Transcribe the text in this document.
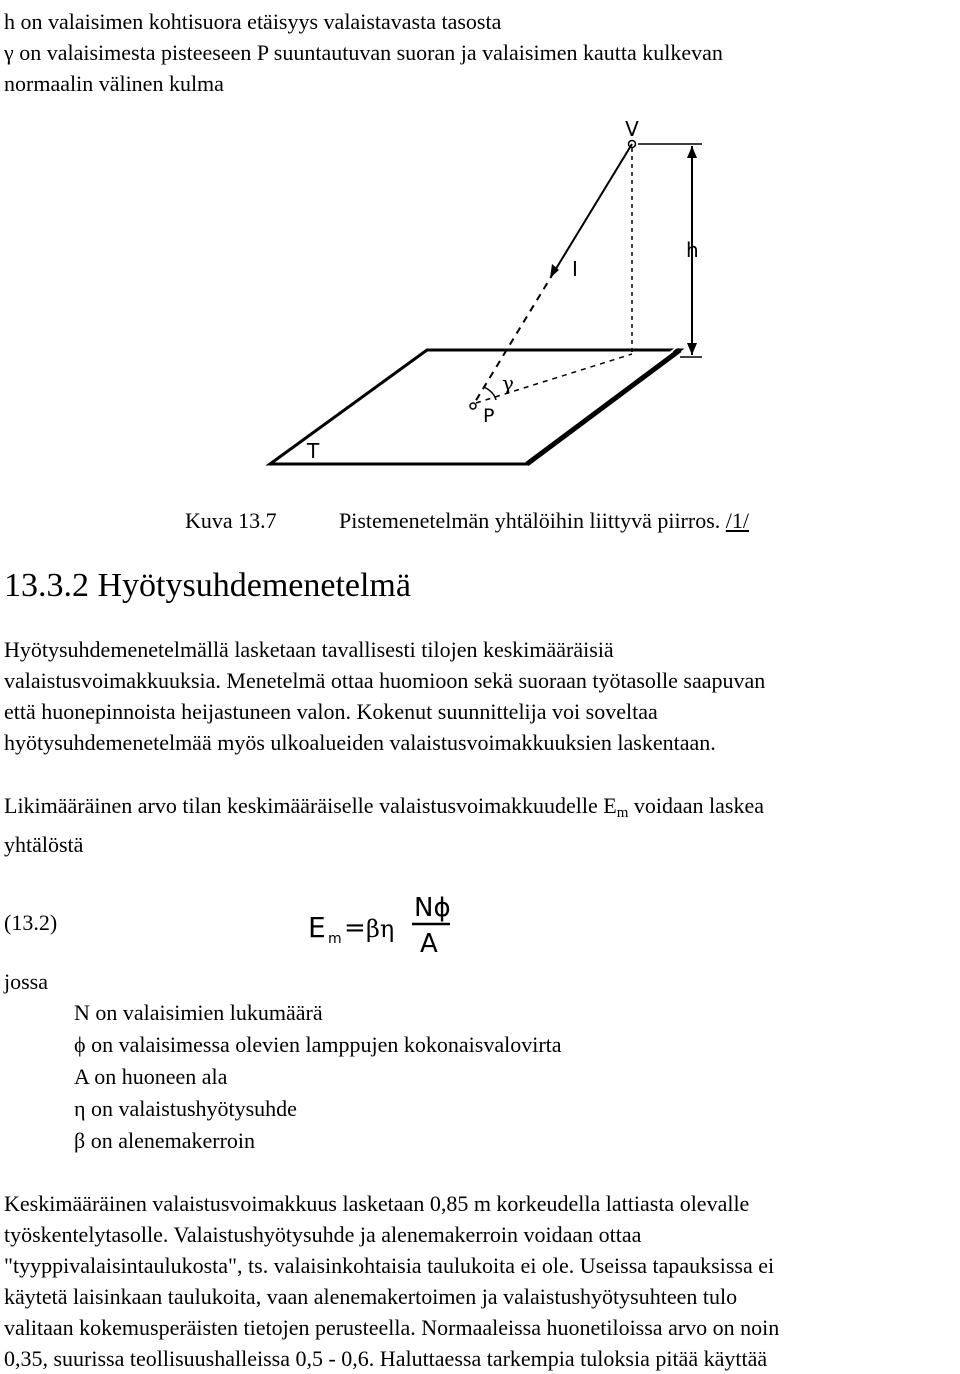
h on valaisimen kohtisuora etäisyys valaistavasta tasosta
γ on valaisimesta pisteeseen P suuntautuvan suoran ja valaisimen kautta kulkevan
normaalin välinen kulma
V
h
I
γ
P
T
Kuva 13.7	Pistemenetelmän yhtälöihin liittyvä piirros. /1/
13.3.2 Hyötysuhdemenetelmä
Hyötysuhdemenetelmällä lasketaan tavallisesti tilojen keskimääräisiä
valaistusvoimakkuuksia. Menetelmä ottaa huomioon sekä suoraan työtasolle saapuvan
että huonepinnoista heijastuneen valon. Kokenut suunnittelija voi soveltaa
hyötysuhdemenetelmää myös ulkoalueiden valaistusvoimakkuuksien laskentaan.
Likimääräinen arvo tilan keskimääräiselle valaistusvoimakkuudelle $E_m$ voidaan laskea
yhtälöstä
(13.2)	E m = βη
Nϕ
A
jossa
N on valaisimien lukumäärä
ϕ on valaisimessa olevien lamppujen kokonaisvalovirta
A on huoneen ala
η on valaistushyötysuhde
β on alenemakerroin
Keskimääräinen valaistusvoimakkuus lasketaan 0,85 m korkeudella lattiasta olevalle
työskentelytasolle. Valaistushyötysuhde ja alenemakerroin voidaan ottaa
"tyyppivalaisintaulukosta", ts. valaisinkohtaisia taulukoita ei ole. Useissa tapauksissa ei
käytetä laisinkaan taulukoita, vaan alenemakertoimen ja valaistushyötysuhteen tulo
valitaan kokemusperäisten tietojen perusteella. Normaaleissa huonetiloissa arvo on noin
0,35, suurissa teollisuushalleissa 0,5 - 0,6. Haluttaessa tarkempia tuloksia pitää käyttää
